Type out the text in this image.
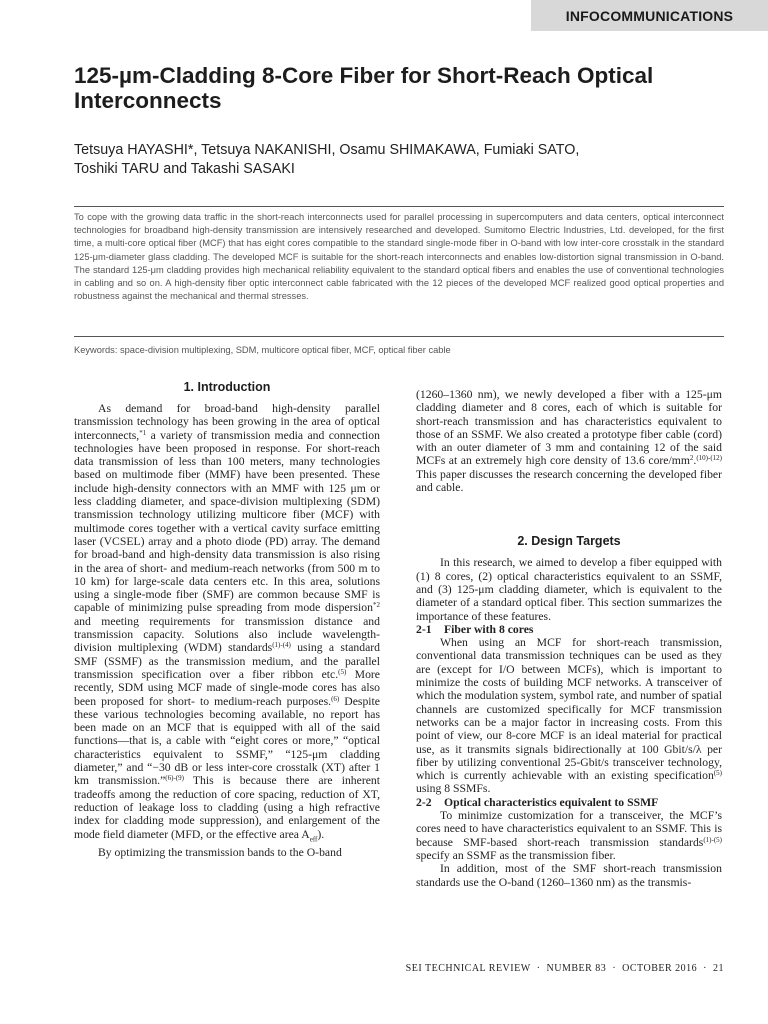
INFOCOMMUNICATIONS
125-µm-Cladding 8-Core Fiber for Short-Reach Optical Interconnects
Tetsuya HAYASHI*, Tetsuya NAKANISHI, Osamu SHIMAKAWA, Fumiaki SATO,
Toshiki TARU and Takashi SASAKI

To cope with the growing data traffic in the short-reach interconnects used for parallel processing in supercomputers and data centers, optical interconnect technologies for broadband high-density transmission are intensively researched and developed. Sumitomo Electric Industries, Ltd. developed, for the first time, a multi-core optical fiber (MCF) that has eight cores compatible to the standard single-mode fiber in O-band with low inter-core crosstalk in the standard 125-μm-diameter glass cladding. The developed MCF is suitable for the short-reach interconnects and enables low-distortion signal transmission in O-band. The standard 125-μm cladding provides high mechanical reliability equivalent to the standard optical fibers and enables the use of conventional technologies in cabling and so on. A high-density fiber optic interconnect cable fabricated with the 12 pieces of the developed MCF realized good optical properties and robustness against the mechanical and thermal stresses.

Keywords: space-division multiplexing, SDM, multicore optical fiber, MCF, optical fiber cable
1. Introduction

As demand for broad-band high-density parallel transmission technology has been growing in the area of optical interconnects,$^{*1}$ a variety of transmission media and connection technologies have been proposed in response. For short-reach data transmission of less than 100 meters, many technologies based on multimode fiber (MMF) have been presented. These include high-density connectors with an MMF with 125 μm or less cladding diameter, and space-division multiplexing (SDM) transmission technology utilizing multicore fiber (MCF) with multimode cores together with a vertical cavity surface emitting laser (VCSEL) array and a photo diode (PD) array. The demand for broad-band and high-density data transmission is also rising in the area of short- and medium-reach networks (from 500 m to 10 km) for large-scale data centers etc. In this area, solutions using a single-mode fiber (SMF) are common because SMF is capable of minimizing pulse spreading from mode dispersion$^{*2}$ and meeting requirements for transmission distance and transmission capacity. Solutions also include wavelength-division multiplexing (WDM) standards$^{(1)-(4)}$ using a standard SMF (SSMF) as the transmission medium, and the parallel transmission specification over a fiber ribbon etc.$^{(5)}$ More recently, SDM using MCF made of single-mode cores has also been proposed for short- to medium-reach purposes.$^{(6)}$ Despite these various technologies becoming available, no report has been made on an MCF that is equipped with all of the said functions—that is, a cable with “eight cores or more,” “optical characteristics equivalent to SSMF,” “125-μm cladding diameter,” and “−30 dB or less inter-core crosstalk (XT) after 1 km transmission.”$^{(6)-(9)}$ This is because there are inherent tradeoffs among the reduction of core spacing, reduction of XT, reduction of leakage loss to cladding (using a high refractive index for cladding mode suppression), and enlargement of the mode field diameter (MFD, or the effective area $A_{eff}$).

By optimizing the transmission bands to the O-band

(1260–1360 nm), we newly developed a fiber with a 125-μm cladding diameter and 8 cores, each of which is suitable for short-reach transmission and has characteristics equivalent to those of an SSMF. We also created a prototype fiber cable (cord) with an outer diameter of 3 mm and containing 12 of the said MCFs at an extremely high core density of 13.6 core/$mm^2.^{(10)-(12)}$ This paper discusses the research concerning the developed fiber and cable.

2. Design Targets

In this research, we aimed to develop a fiber equipped with (1) 8 cores, (2) optical characteristics equivalent to an SSMF, and (3) 125-μm cladding diameter, which is equivalent to the diameter of a standard optical fiber. This section summarizes the importance of these features.

2-1 Fiber with 8 cores

When using an MCF for short-reach transmission, conventional data transmission techniques can be used as they are (except for I/O between MCFs), which is important to minimize the costs of building MCF networks. A transceiver of which the modulation system, symbol rate, and number of spatial channels are customized specifically for MCF transmission networks can be a major factor in increasing costs. From this point of view, our 8-core MCF is an ideal material for practical use, as it transmits signals bidirectionally at 100 Gbit/s/λ per fiber by utilizing conventional 25-Gbit/s transceiver technology, which is currently achievable with an existing specification$^{(5)}$ using 8 SSMFs.

2-2 Optical characteristics equivalent to SSMF

To minimize customization for a transceiver, the MCF’s cores need to have characteristics equivalent to an SSMF. This is because SMF-based short-reach transmission standards$^{(1)-(5)}$ specify an SSMF as the transmission fiber.

In addition, most of the SMF short-reach transmission standards use the O-band (1260–1360 nm) as the transmis-

SEI TECHNICAL REVIEW · NUMBER 83 · OCTOBER 2016 · 21
